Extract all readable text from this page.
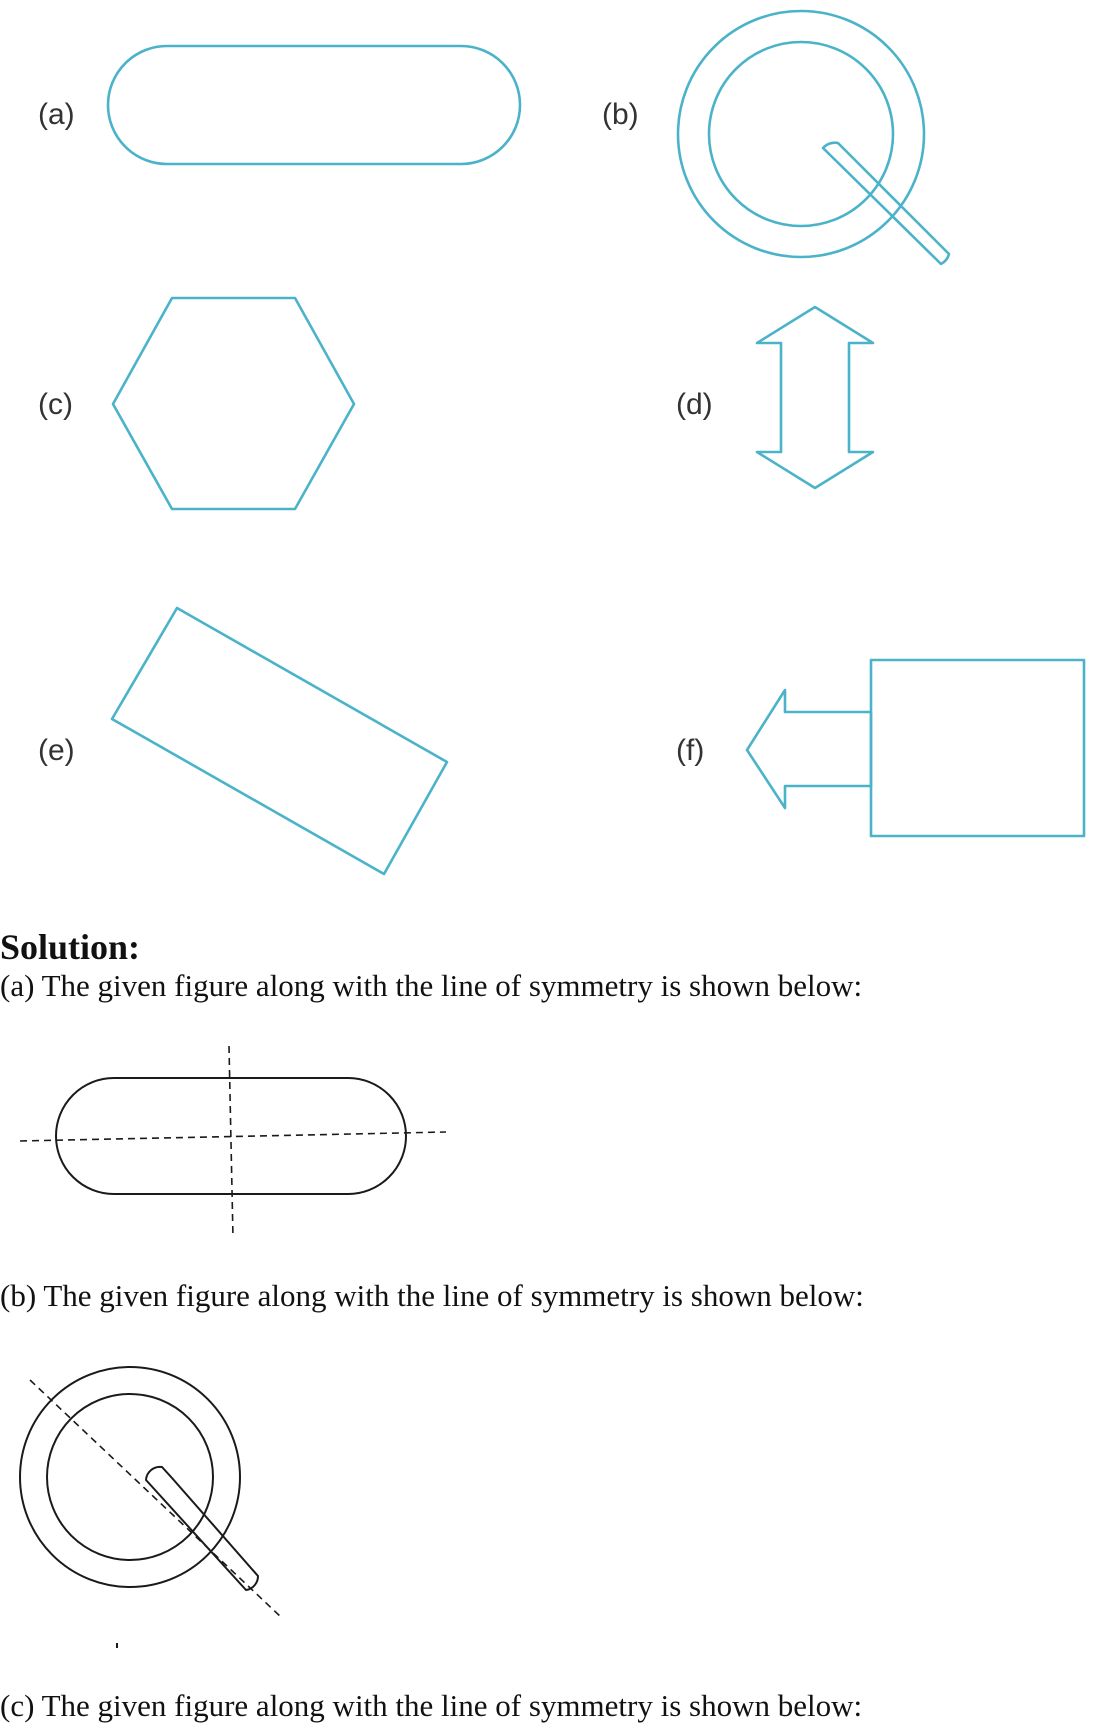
(a)	(b)
(c)	(d)
(e)	(f)
Solution:
(a) The given figure along with the line of symmetry is shown below:
(b) The given figure along with the line of symmetry is shown below:
(c) The given figure along with the line of symmetry is shown below:
